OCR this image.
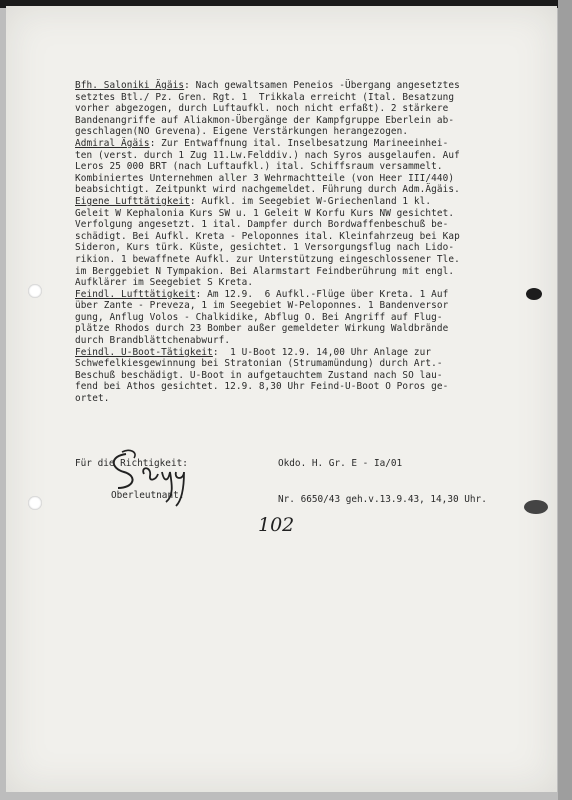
Bfh. Saloniki Ägäis: Nach gewaltsamen Peneios -Übergang angesetztes
setztes Btl./ Pz. Gren. Rgt. 1  Trikkala erreicht (Ital. Besatzung
vorher abgezogen, durch Luftaufkl. noch nicht erfaßt). 2 stärkere
Bandenangriffe auf Aliakmon-Übergänge der Kampfgruppe Eberlein ab-
geschlagen(NO Grevena). Eigene Verstärkungen herangezogen.
Admiral Ägäis: Zur Entwaffnung ital. Inselbesatzung Marineeinhei-
ten (verst. durch 1 Zug 11.Lw.Felddiv.) nach Syros ausgelaufen. Auf
Leros 25 000 BRT (nach Luftaufkl.) ital. Schiffsraum versammelt.
Kombiniertes Unternehmen aller 3 Wehrmachtteile (von Heer III/440)
beabsichtigt. Zeitpunkt wird nachgemeldet. Führung durch Adm.Ägäis.
Eigene Lufttätigkeit: Aufkl. im Seegebiet W-Griechenland 1 kl.
Geleit W Kephalonia Kurs SW u. 1 Geleit W Korfu Kurs NW gesichtet.
Verfolgung angesetzt. 1 ital. Dampfer durch Bordwaffenbeschuß be-
schädigt. Bei Aufkl. Kreta - Peloponnes ital. Kleinfahrzeug bei Kap
Sideron, Kurs türk. Küste, gesichtet. 1 Versorgungsflug nach Lido-
rikion. 1 bewaffnete Aufkl. zur Unterstützung eingeschlossener Tle.
im Berggebiet N Tympakion. Bei Alarmstart Feindberührung mit engl.
Aufklärer im Seegebiet S Kreta.
Feindl. Lufttätigkeit: Am 12.9.  6 Aufkl.-Flüge über Kreta. 1 Auf
über Zante - Preveza, 1 im Seegebiet W-Peloponnes. 1 Bandenversor
gung, Anflug Volos - Chalkidike, Abflug O. Bei Angriff auf Flug-
plätze Rhodos durch 23 Bomber außer gemeldeter Wirkung Waldbrände
durch Brandblättchenabwurf.
Feindl. U-Boot-Tätigkeit:  1 U-Boot 12.9. 14,00 Uhr Anlage zur
Schwefelkiesgewinnung bei Stratonian (Strumamündung) durch Art.-
Beschuß beschädigt. U-Boot in aufgetauchtem Zustand nach SO lau-
fend bei Athos gesichtet. 12.9. 8,30 Uhr Feind-U-Boot O Poros ge-
ortet.

Okdo. H. Gr. E - Ia/01

Nr. 6650/43 geh.v.13.9.43, 14,30 Uhr.

Für die Richtigkeit:
Oberleutnant.
102
